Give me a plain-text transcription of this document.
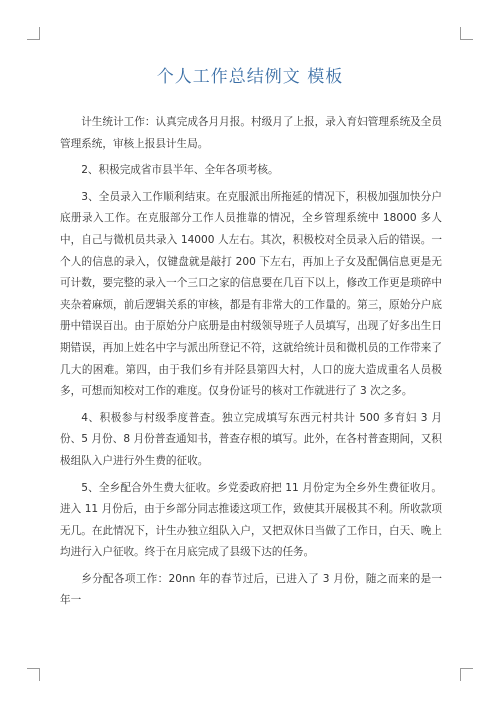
个人工作总结例文 模板

计生统计工作：认真完成各月月报。村级月了上报，录入育妇管理系统及全员管理系统，审核上报县计生局。

2、积极完成省市县半年、全年各项考核。

3、全员录入工作顺利结束。在克服派出所拖延的情况下，积极加强加快分户底册录入工作。在克服部分工作人员推靠的情况，全乡管理系统中 18000 多人中，自己与微机员共录入 14000 人左右。其次，积极校对全员录入后的错误。一个人的信息的录入，仅键盘就是敲打 200 下左右，再加上子女及配偶信息更是无可计数，要完整的录入一个三口之家的信息要在几百下以上，修改工作更是琐碎中夹杂着麻烦，前后逻辑关系的审核，都是有非常大的工作量的。第三，原始分户底册中错误百出。由于原始分户底册是由村级领导班子人员填写，出现了好多出生日期错误，再加上姓名中字与派出所登记不符，这就给统计员和微机员的工作带来了几大的困难。第四，由于我们乡有并陉县第四大村，人口的庞大造成重名人员极多，可想而知校对工作的难度。仅身份证号的核对工作就进行了 3 次之多。

4、积极参与村级季度普查。独立完成填写东西元村共计 500 多育妇 3 月份、5 月份、8 月份普查通知书，普查存根的填写。此外，在各村普查期间，又积极组队入户进行外生费的征收。

5、全乡配合外生费大征收。乡党委政府把 11 月份定为全乡外生费征收月。进入 11 月份后，由于乡部分同志推诿这项工作，致使其开展极其不利。所收款项无几。在此情况下，计生办独立组队入户，又把双休日当做了工作日，白天、晚上均进行入户征收。终于在月底完成了县级下达的任务。

乡分配各项工作：20nn 年的春节过后，已进入了 3 月份，随之而来的是一年一
